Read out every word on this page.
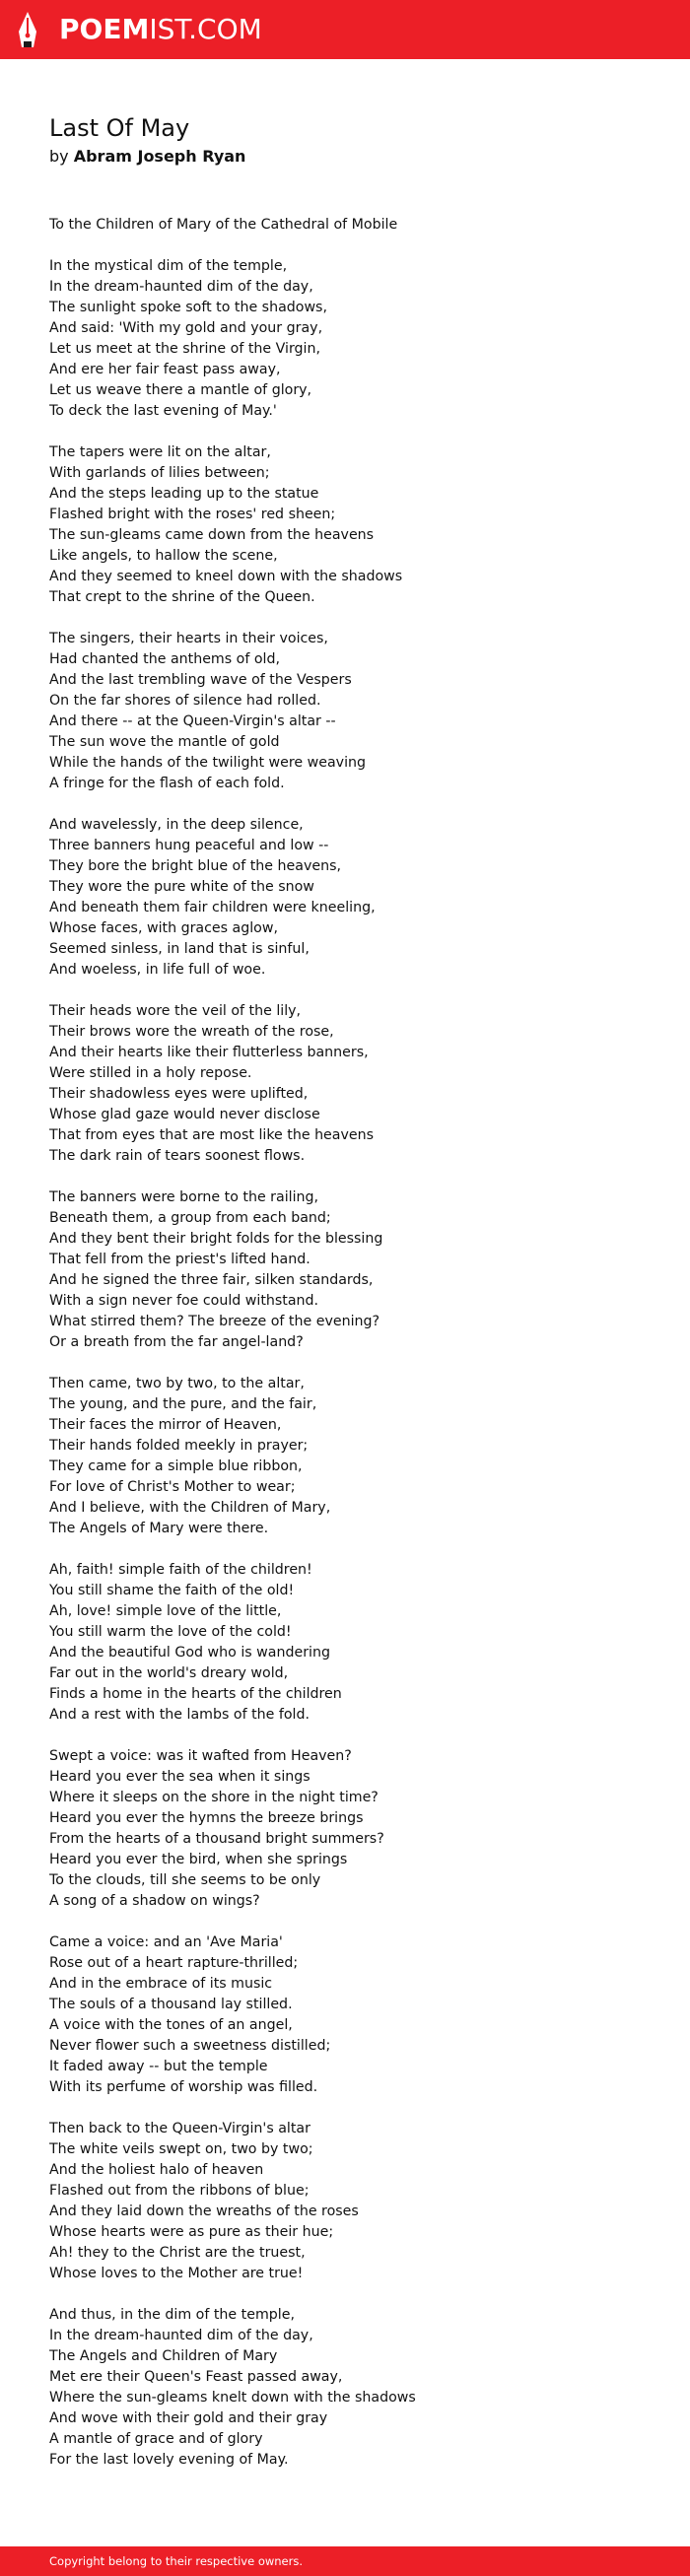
POEMIST.COM
Last Of May
by Abram Joseph Ryan
To the Children of Mary of the Cathedral of Mobile
In the mystical dim of the temple,
In the dream-haunted dim of the day,
The sunlight spoke soft to the shadows,
And said: 'With my gold and your gray,
Let us meet at the shrine of the Virgin,
And ere her fair feast pass away,
Let us weave there a mantle of glory,
To deck the last evening of May.'
The tapers were lit on the altar,
With garlands of lilies between;
And the steps leading up to the statue
Flashed bright with the roses' red sheen;
The sun-gleams came down from the heavens
Like angels, to hallow the scene,
And they seemed to kneel down with the shadows
That crept to the shrine of the Queen.
The singers, their hearts in their voices,
Had chanted the anthems of old,
And the last trembling wave of the Vespers
On the far shores of silence had rolled.
And there -- at the Queen-Virgin's altar --
The sun wove the mantle of gold
While the hands of the twilight were weaving
A fringe for the flash of each fold.
And wavelessly, in the deep silence,
Three banners hung peaceful and low --
They bore the bright blue of the heavens,
They wore the pure white of the snow
And beneath them fair children were kneeling,
Whose faces, with graces aglow,
Seemed sinless, in land that is sinful,
And woeless, in life full of woe.
Their heads wore the veil of the lily,
Their brows wore the wreath of the rose,
And their hearts like their flutterless banners,
Were stilled in a holy repose.
Their shadowless eyes were uplifted,
Whose glad gaze would never disclose
That from eyes that are most like the heavens
The dark rain of tears soonest flows.
The banners were borne to the railing,
Beneath them, a group from each band;
And they bent their bright folds for the blessing
That fell from the priest's lifted hand.
And he signed the three fair, silken standards,
With a sign never foe could withstand.
What stirred them? The breeze of the evening?
Or a breath from the far angel-land?
Then came, two by two, to the altar,
The young, and the pure, and the fair,
Their faces the mirror of Heaven,
Their hands folded meekly in prayer;
They came for a simple blue ribbon,
For love of Christ's Mother to wear;
And I believe, with the Children of Mary,
The Angels of Mary were there.
Ah, faith! simple faith of the children!
You still shame the faith of the old!
Ah, love! simple love of the little,
You still warm the love of the cold!
And the beautiful God who is wandering
Far out in the world's dreary wold,
Finds a home in the hearts of the children
And a rest with the lambs of the fold.
Swept a voice: was it wafted from Heaven?
Heard you ever the sea when it sings
Where it sleeps on the shore in the night time?
Heard you ever the hymns the breeze brings
From the hearts of a thousand bright summers?
Heard you ever the bird, when she springs
To the clouds, till she seems to be only
A song of a shadow on wings?
Came a voice: and an 'Ave Maria'
Rose out of a heart rapture-thrilled;
And in the embrace of its music
The souls of a thousand lay stilled.
A voice with the tones of an angel,
Never flower such a sweetness distilled;
It faded away -- but the temple
With its perfume of worship was filled.
Then back to the Queen-Virgin's altar
The white veils swept on, two by two;
And the holiest halo of heaven
Flashed out from the ribbons of blue;
And they laid down the wreaths of the roses
Whose hearts were as pure as their hue;
Ah! they to the Christ are the truest,
Whose loves to the Mother are true!
And thus, in the dim of the temple,
In the dream-haunted dim of the day,
The Angels and Children of Mary
Met ere their Queen's Feast passed away,
Where the sun-gleams knelt down with the shadows
And wove with their gold and their gray
A mantle of grace and of glory
For the last lovely evening of May.
Copyright belong to their respective owners.
